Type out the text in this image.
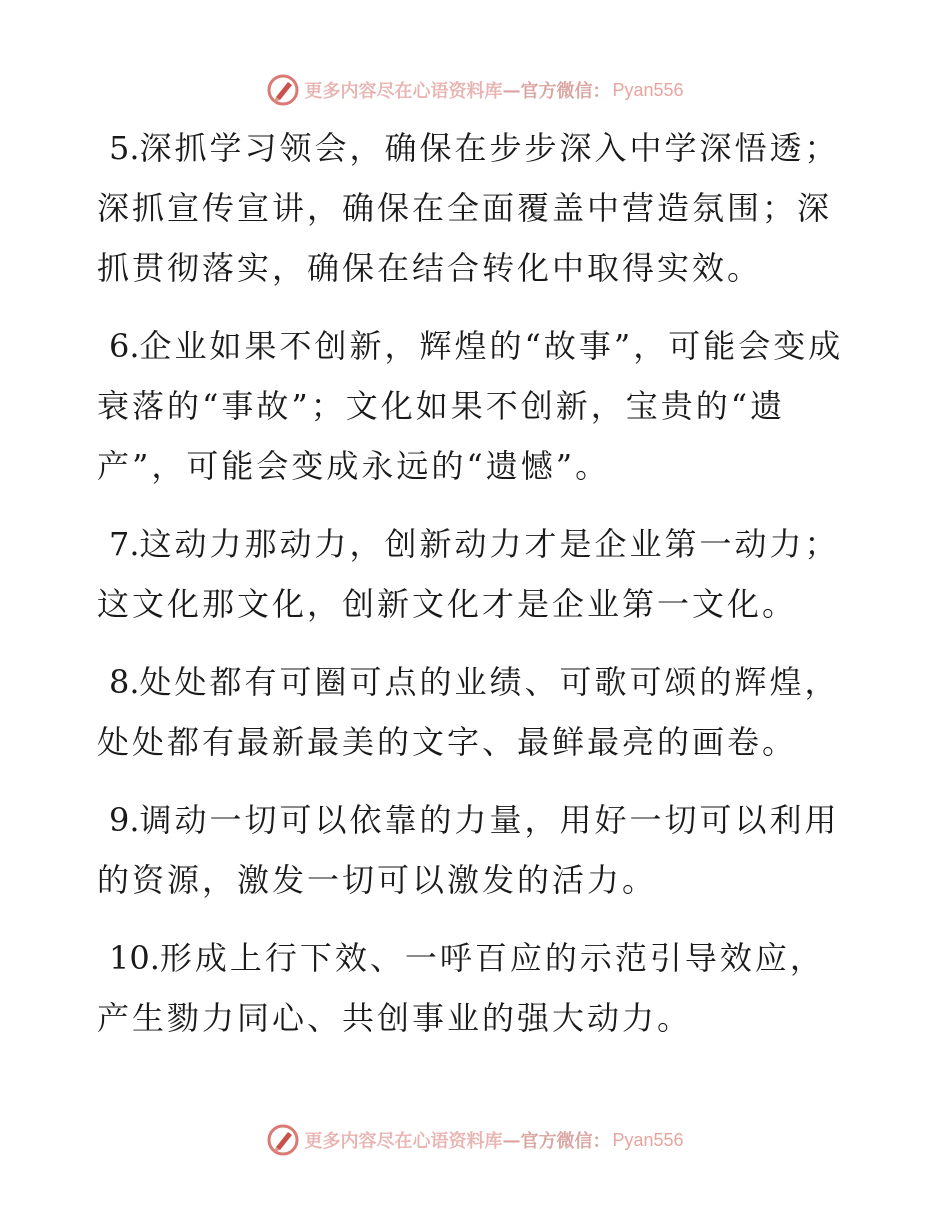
更多内容尽在心语资料库 — 官方微信： Pyan556

5.深抓学习领会，确保在步步深入中学深悟透；深抓宣传宣讲，确保在全面覆盖中营造氛围；深抓贯彻落实，确保在结合转化中取得实效。

6.企业如果不创新，辉煌的“故事”，可能会变成衰落的“事故”；文化如果不创新，宝贵的“遗产”，可能会变成永远的“遗憾”。

7.这动力那动力，创新动力才是企业第一动力；这文化那文化，创新文化才是企业第一文化。

8.处处都有可圈可点的业绩、可歌可颂的辉煌，处处都有最新最美的文字、最鲜最亮的画卷。

9.调动一切可以依靠的力量，用好一切可以利用的资源，激发一切可以激发的活力。

10.形成上行下效、一呼百应的示范引导效应，产生勠力同心、共创事业的强大动力。

更多内容尽在心语资料库 — 官方微信： Pyan556
